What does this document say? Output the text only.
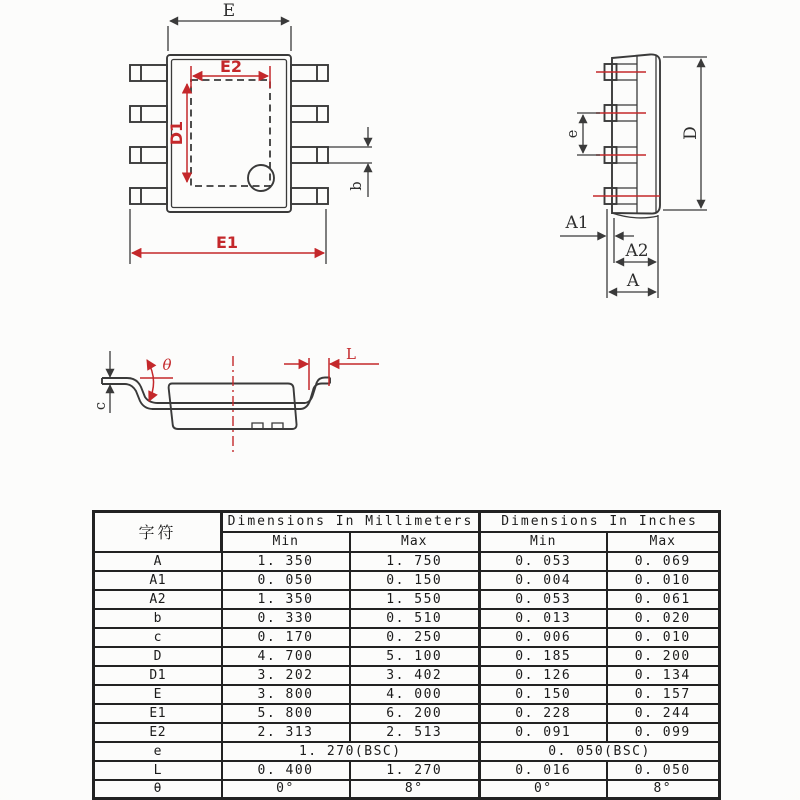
E
E2
D1
b
E1
e	D
A1
A2
A
c
θ
L
字符	Dimensions In Millimeters		Dimensions In Inches	
	Min	Max	Min	Max
A	1. 350	1. 750	0. 053	0. 069
A1	0. 050	0. 150	0. 004	0. 010
A2	1. 350	1. 550	0. 053	0. 061
b	0. 330	0. 510	0. 013	0. 020
c	0. 170	0. 250	0. 006	0. 010
D	4. 700	5. 100	0. 185	0. 200
D1	3. 202	3. 402	0. 126	0. 134
E	3. 800	4. 000	0. 150	0. 157
E1	5. 800	6. 200	0. 228	0. 244
E2	2. 313	2. 513	0. 091	0. 099
e	1. 270(BSC)		0. 050(BSC)	
L	0. 400	1. 270	0. 016	0. 050
θ	0°	8°	0°	8°
